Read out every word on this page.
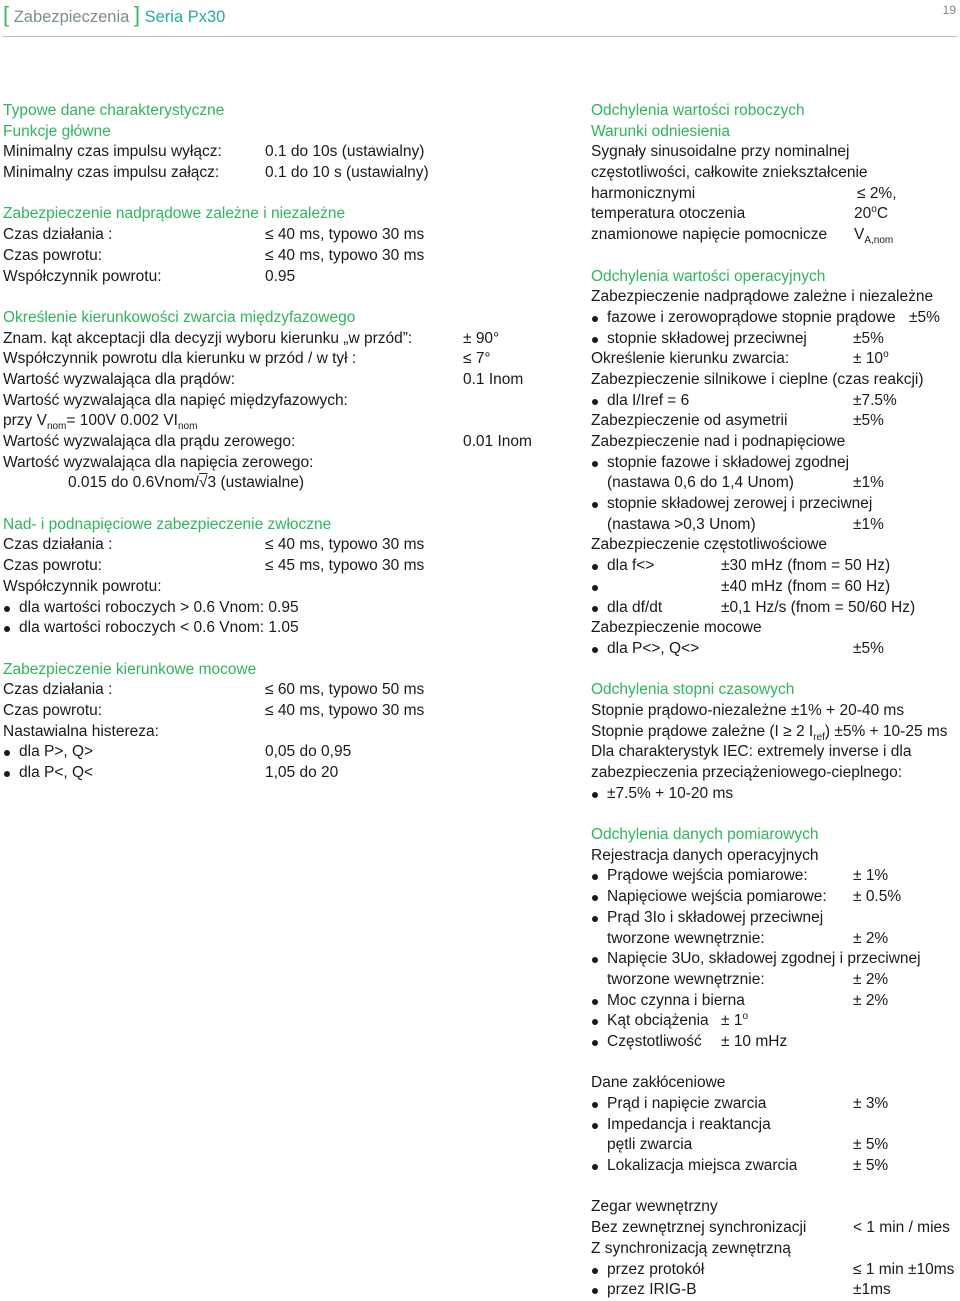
[ Zabezpieczenia ] Seria Px30	19
Typowe dane charakterystyczne
Funkcje główne
Minimalny czas impulsu wyłącz:	0.1 do 10s (ustawialny)
Minimalny czas impulsu załącz:	0.1 do 10 s (ustawialny)
Zabezpieczenie nadprądowe zależne i niezależne
Czas działania :	≤ 40 ms, typowo 30 ms
Czas powrotu:	≤ 40 ms, typowo 30 ms
Współczynnik powrotu:	0.95
Określenie kierunkowości zwarcia międzyfazowego
Znam. kąt akceptacji dla decyzji wyboru kierunku „w przód”:	± 90°
Współczynnik powrotu dla kierunku w przód / w tył :	≤ 7°
Wartość wyzwalająca dla prądów:	0.1 Inom
Wartość wyzwalająca dla napięć międzyfazowych:
przy $V_{nom}= 100V$ 0.002 $VI_{nom}$
Wartość wyzwalająca dla prądu zerowego:	0.01 Inom
Wartość wyzwalająca dla napięcia zerowego:
0.015 do 0.6Vnom/√3 (ustawialne)
Nad- i podnapięciowe zabezpieczenie zwłoczne
Czas działania :	≤ 40 ms, typowo 30 ms
Czas powrotu:	≤ 45 ms, typowo 30 ms
Współczynnik powrotu:
dla wartości roboczych > 0.6 Vnom: 0.95
dla wartości roboczych < 0.6 Vnom: 1.05
Zabezpieczenie kierunkowe mocowe
Czas działania :	≤ 60 ms, typowo 50 ms
Czas powrotu:	≤ 40 ms, typowo 30 ms
Nastawialna histereza:
dla P>, Q>	0,05 do 0,95
dla P<, Q<	1,05 do 20
Odchylenia wartości roboczych
Warunki odniesienia
Sygnały sinusoidalne przy nominalnej
częstotliwości, całkowite zniekształcenie
harmonicznymi	≤ 2%,
temperatura otoczenia	20$^o$C
znamionowe napięcie pomocnicze $V_{A,nom}$
Odchylenia wartości operacyjnych
Zabezpieczenie nadprądowe zależne i niezależne
fazowe i zerowoprądowe stopnie prądowe ±5%
stopnie składowej przeciwnej	±5%
Określenie kierunku zwarcia:	± $10^o$
Zabezpieczenie silnikowe i cieplne (czas reakcji)
dla I/Iref = 6	±7.5%
Zabezpieczenie od asymetrii	±5%
Zabezpieczenie nad i podnapięciowe
stopnie fazowe i składowej zgodnej
(nastawa 0,6 do 1,4 Unom)	±1%
stopnie składowej zerowej i przeciwnej
(nastawa >0,3 Unom)	±1%
Zabezpieczenie częstotliwościowe
dla f<>	±30 mHz (fnom = 50 Hz)
±40 mHz (fnom = 60 Hz)
dla df/dt	±0,1 Hz/s (fnom = 50/60 Hz)
Zabezpieczenie mocowe
dla P<>, Q<>	±5%
Odchylenia stopni czasowych
Stopnie prądowo-niezależne ±1% + 20-40 ms
Stopnie prądowe zależne (I ≥ 2 $I_{ref}) \pm 5\% + 10-25$ ms
Dla charakterystyk IEC: extremely inverse i dla
zabezpieczenia przeciążeniowego-cieplnego:
±7.5% + 10-20 ms
Odchylenia danych pomiarowych
Rejestracja danych operacyjnych
Prądowe wejścia pomiarowe:	± 1%
Napięciowe wejścia pomiarowe: ± 0.5%
Prąd 3Io i składowej przeciwnej
tworzone wewnętrznie:	± 2%
Napięcie 3Uo, składowej zgodnej i przeciwnej
tworzone wewnętrznie:	± 2%
Moc czynna i bierna	± 2%
Kąt obciążenia ± $1^o$
Częstotliwość ± 10 mHz
Dane zakłóceniowe
Prąd i napięcie zwarcia	± 3%
Impedancja i reaktancja
pętli zwarcia	± 5%
Lokalizacja miejsca zwarcia	± 5%
Zegar wewnętrzny
Bez zewnętrznej synchronizacji	< 1 min / mies
Z synchronizacją zewnętrzną
przez protokół	≤ 1 min ±10ms
przez IRIG-B	±1ms
